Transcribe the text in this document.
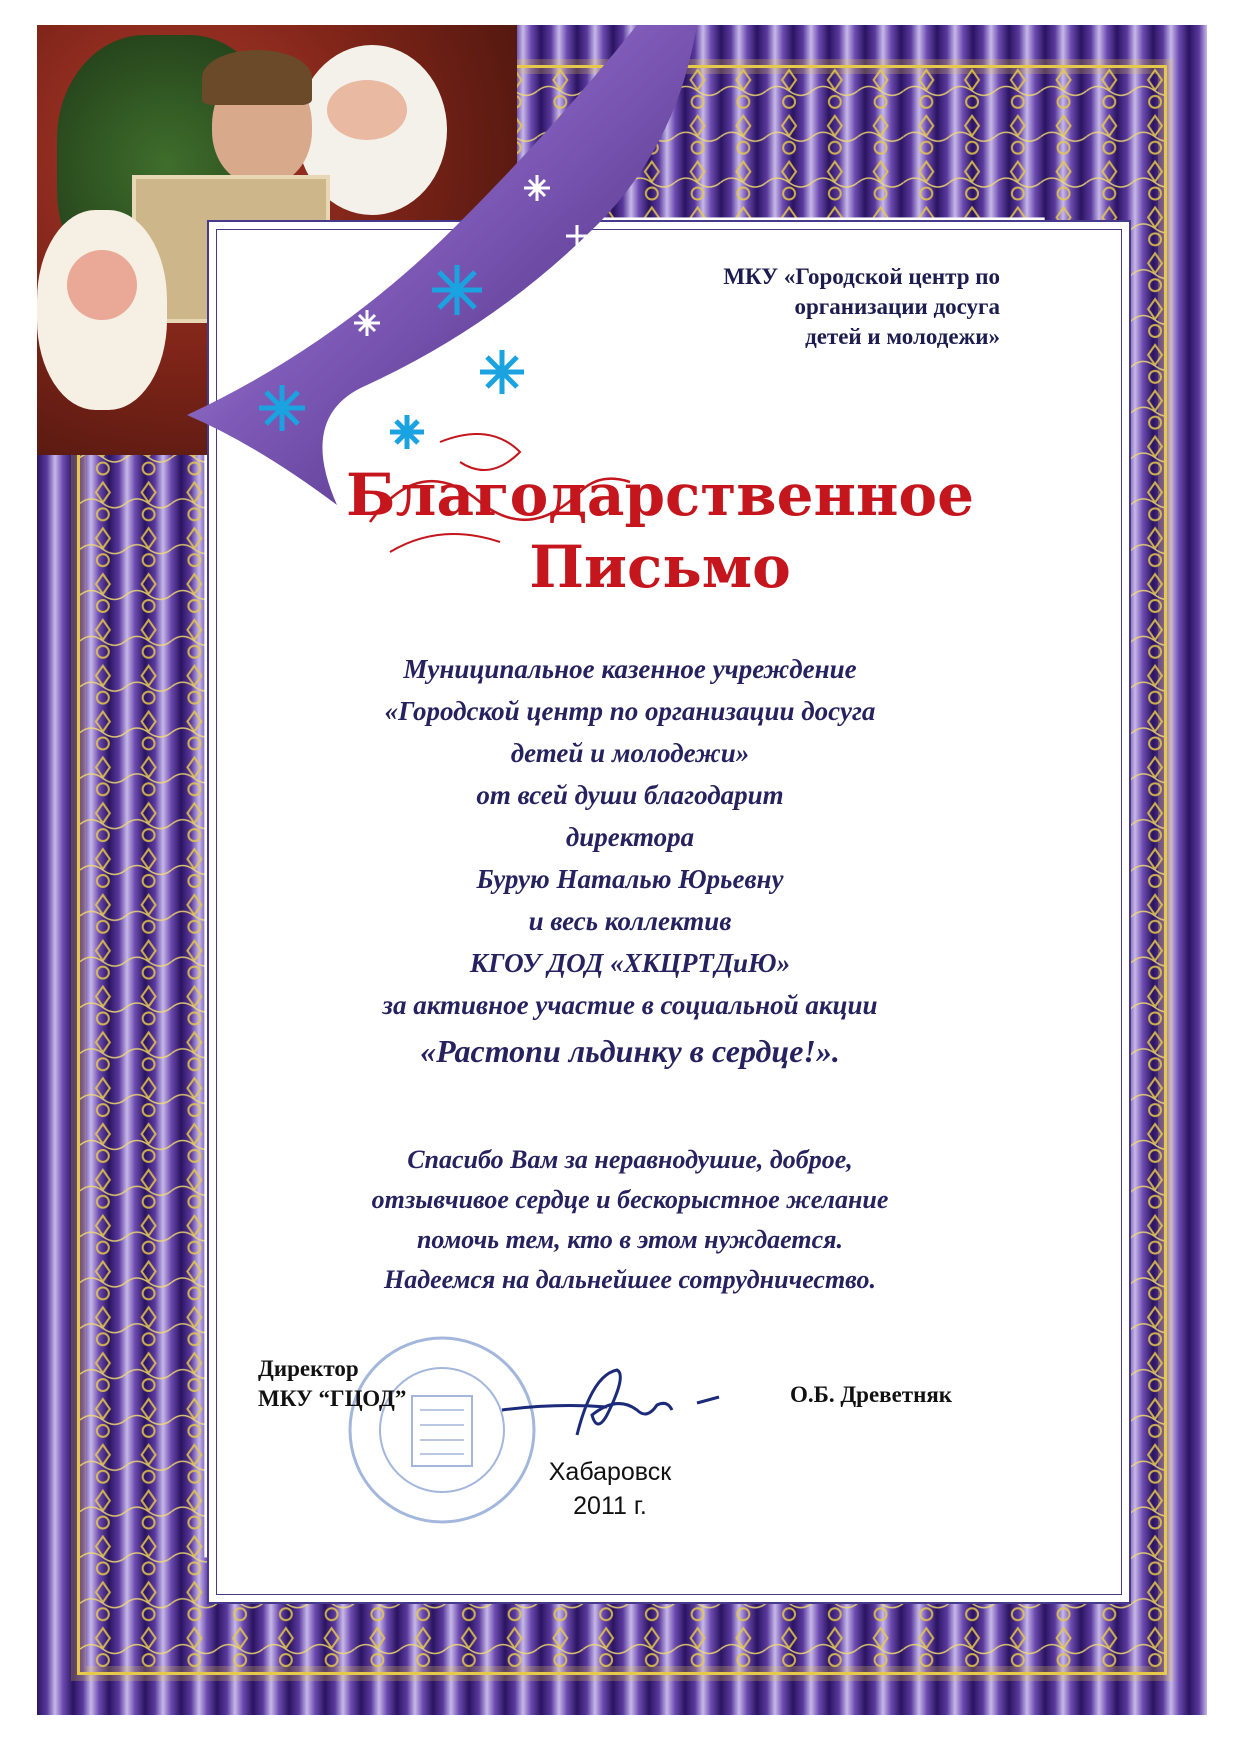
МКУ «Городской центр по
организации досуга
детей и молодежи»
Благодарственное
Письмо
Муниципальное казенное учреждение
«Городской центр по организации досуга
детей и молодежи»
от всей души благодарит
директора
Бурую Наталью Юрьевну
и весь коллектив
КГОУ ДОД «ХКЦРТДиЮ»
за активное участие в социальной акции
«Растопи льдинку в сердце!».
Спасибо Вам за неравнодушие, доброе,
отзывчивое сердце и бескорыстное желание
помочь тем, кто в этом нуждается.
Надеемся на дальнейшее сотрудничество.
Директор
МКУ “ГЦОД”	О.Б. Древетняк
Хабаровск
2011 г.
